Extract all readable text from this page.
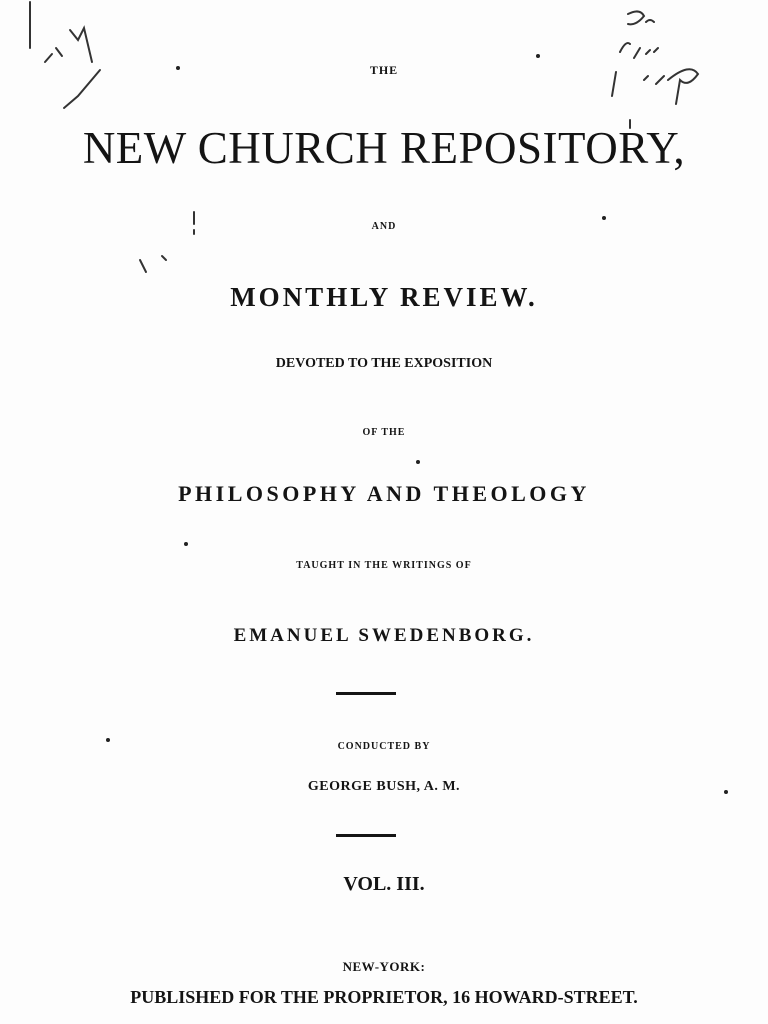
THE
NEW CHURCH REPOSITORY,
AND
MONTHLY REVIEW.
DEVOTED TO THE EXPOSITION
OF THE
PHILOSOPHY AND THEOLOGY
TAUGHT IN THE WRITINGS OF
EMANUEL SWEDENBORG.
CONDUCTED BY
GEORGE BUSH, A. M.
VOL. III.
NEW-YORK:
PUBLISHED FOR THE PROPRIETOR, 16 HOWARD-STREET.
